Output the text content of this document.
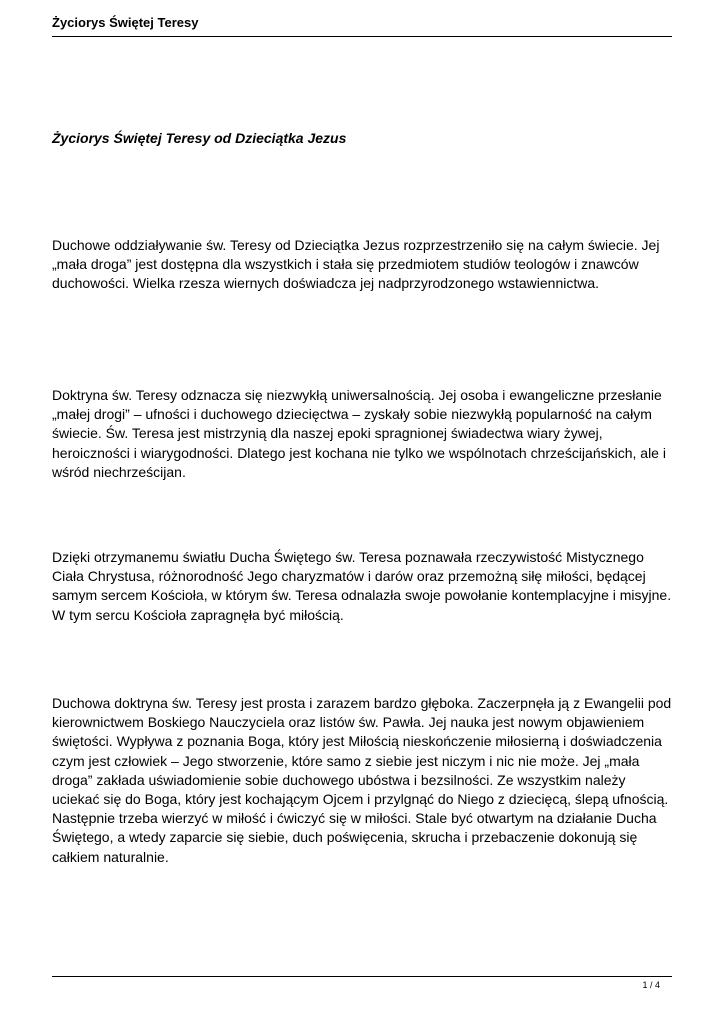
Życiorys Świętej Teresy
Życiorys Świętej Teresy od Dzieciątka Jezus

Duchowe oddziaływanie św. Teresy od Dzieciątka Jezus rozprzestrzeniło się na całym świecie. Jej „mała droga” jest dostępna dla wszystkich i stała się przedmiotem studiów teologów i znawców duchowości. Wielka rzesza wiernych doświadcza jej nadprzyrodzonego wstawiennictwa.

Doktryna św. Teresy odznacza się niezwykłą uniwersalnością. Jej osoba i ewangeliczne przesłanie „małej drogi” – ufności i duchowego dziecięctwa – zyskały sobie niezwykłą popularność na całym świecie. Św. Teresa jest mistrzynią dla naszej epoki spragnionej świadectwa wiary żywej, heroiczności i wiarygodności. Dlatego jest kochana nie tylko we wspólnotach chrześcijańskich, ale i wśród niechrześcijan.

Dzięki otrzymanemu światłu Ducha Świętego św. Teresa poznawała rzeczywistość Mistycznego Ciała Chrystusa, różnorodność Jego charyzmatów i darów oraz przemożną siłę miłości, będącej samym sercem Kościoła, w którym św. Teresa odnalazła swoje powołanie kontemplacyjne i misyjne. W tym sercu Kościoła zapragnęła być miłością.

Duchowa doktryna św. Teresy jest prosta i zarazem bardzo głęboka. Zaczerpnęła ją z Ewangelii pod kierownictwem Boskiego Nauczyciela oraz listów św. Pawła. Jej nauka jest nowym objawieniem świętości. Wypływa z poznania Boga, który jest Miłością nieskończenie miłosierną i doświadczenia czym jest człowiek – Jego stworzenie, które samo z siebie jest niczym i nic nie może. Jej „mała droga” zakłada uświadomienie sobie duchowego ubóstwa i bezsilności. Ze wszystkim należy uciekać się do Boga, który jest kochającym Ojcem i przylgnąć do Niego z dziecięcą, ślepą ufnością. Następnie trzeba wierzyć w miłość i ćwiczyć się w miłości. Stale być otwartym na działanie Ducha Świętego, a wtedy zaparcie się siebie, duch poświęcenia, skrucha i przebaczenie dokonują się całkiem naturalnie.

1 / 4
